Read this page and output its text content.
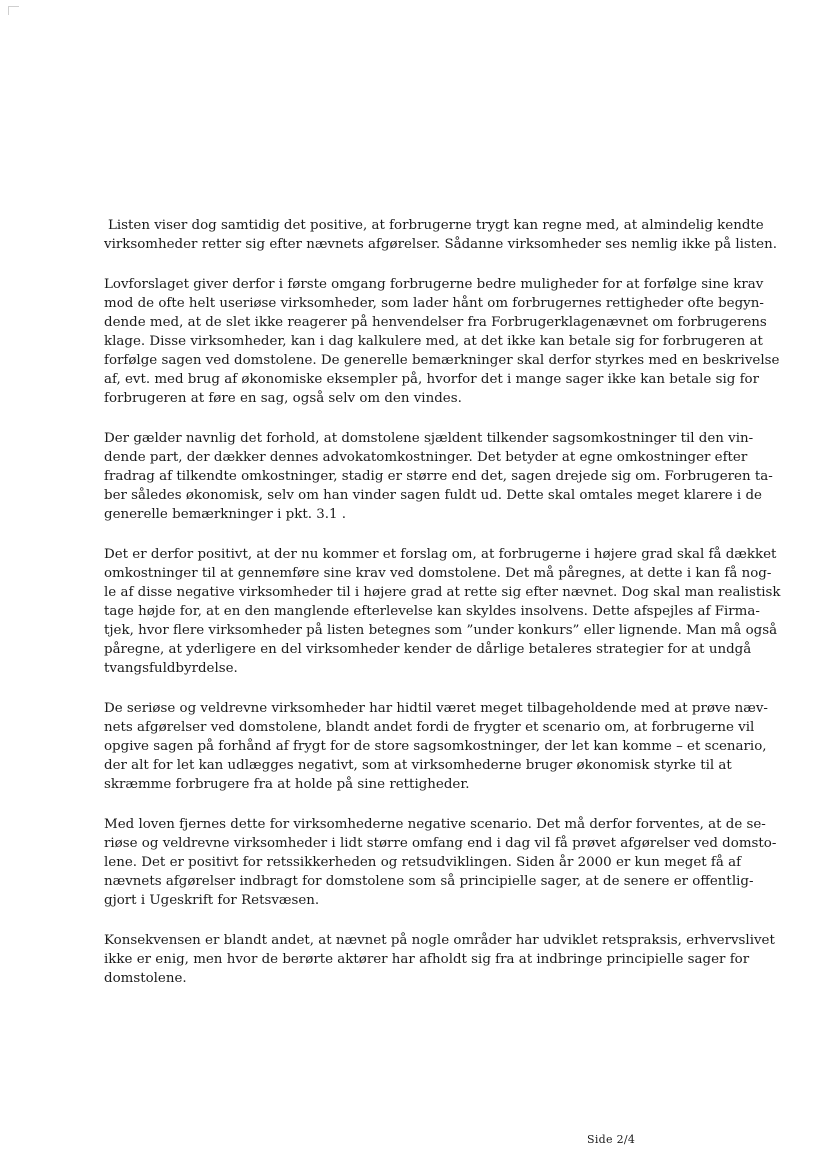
Listen viser dog samtidig det positive, at forbrugerne trygt kan regne med, at almindelig kendte
virksomheder retter sig efter nævnets afgørelser. Sådanne virksomheder ses nemlig ikke på listen.

Lovforslaget giver derfor i første omgang forbrugerne bedre muligheder for at forfølge sine krav
mod de ofte helt useriøse virksomheder, som lader hånt om forbrugernes rettigheder ofte begyn-
dende med, at de slet ikke reagerer på henvendelser fra Forbrugerklagenævnet om forbrugerens
klage. Disse virksomheder, kan i dag kalkulere med, at det ikke kan betale sig for forbrugeren at
forfølge sagen ved domstolene. De generelle bemærkninger skal derfor styrkes med en beskrivelse
af, evt. med brug af økonomiske eksempler på, hvorfor det i mange sager ikke kan betale sig for
forbrugeren at føre en sag, også selv om den vindes.

Der gælder navnlig det forhold, at domstolene sjældent tilkender sagsomkostninger til den vin-
dende part, der dækker dennes advokatomkostninger. Det betyder at egne omkostninger efter
fradrag af tilkendte omkostninger, stadig er større end det, sagen drejede sig om. Forbrugeren ta-
ber således økonomisk, selv om han vinder sagen fuldt ud. Dette skal omtales meget klarere i de
generelle bemærkninger i pkt. 3.1 .

Det er derfor positivt, at der nu kommer et forslag om, at forbrugerne i højere grad skal få dækket
omkostninger til at gennemføre sine krav ved domstolene. Det må påregnes, at dette i kan få nog-
le af disse negative virksomheder til i højere grad at rette sig efter nævnet. Dog skal man realistisk
tage højde for, at en den manglende efterlevelse kan skyldes insolvens. Dette afspejles af Firma-
tjek, hvor flere virksomheder på listen betegnes som ”under konkurs” eller lignende. Man må også
påregne, at yderligere en del virksomheder kender de dårlige betaleres strategier for at undgå
tvangsfuldbyrdelse.

De seriøse og veldrevne virksomheder har hidtil været meget tilbageholdende med at prøve næv-
nets afgørelser ved domstolene, blandt andet fordi de frygter et scenario om, at forbrugerne vil
opgive sagen på forhånd af frygt for de store sagsomkostninger, der let kan komme – et scenario,
der alt for let kan udlægges negativt, som at virksomhederne bruger økonomisk styrke til at
skræmme forbrugere fra at holde på sine rettigheder.

Med loven fjernes dette for virksomhederne negative scenario. Det må derfor forventes, at de se-
riøse og veldrevne virksomheder i lidt større omfang end i dag vil få prøvet afgørelser ved domsto-
lene. Det er positivt for retssikkerheden og retsudviklingen. Siden år 2000 er kun meget få af
nævnets afgørelser indbragt for domstolene som så principielle sager, at de senere er offentlig-
gjort i Ugeskrift for Retsvæsen.

Konsekvensen er blandt andet, at nævnet på nogle områder har udviklet retspraksis, erhvervslivet
ikke er enig, men hvor de berørte aktører har afholdt sig fra at indbringe principielle sager for
domstolene.

Side 2/4
